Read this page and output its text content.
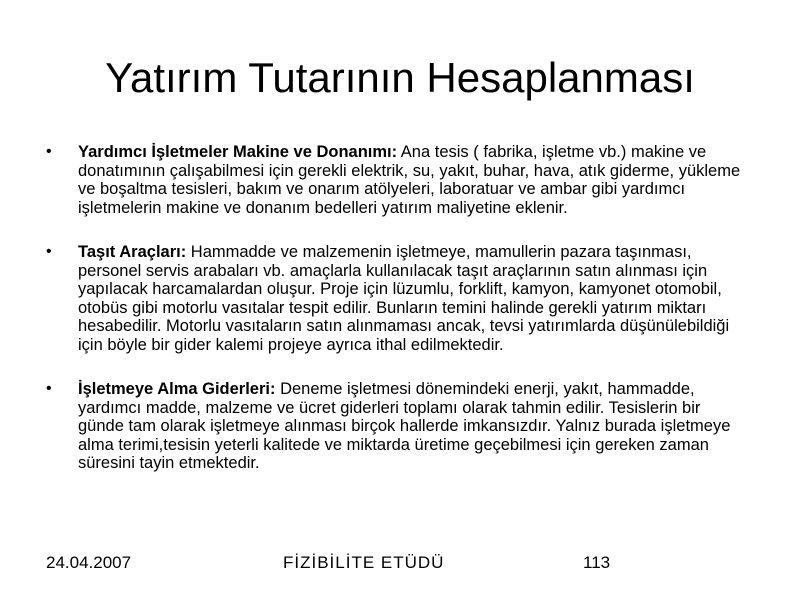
Yatırım Tutarının Hesaplanması
• Yardımcı İşletmeler Makine ve Donanımı: Ana tesis ( fabrika, işletme vb.) makine ve donatımının çalışabilmesi için gerekli elektrik, su, yakıt, buhar, hava, atık giderme, yükleme ve boşaltma tesisleri, bakım ve onarım atölyeleri, laboratuar ve ambar gibi yardımcı işletmelerin makine ve donanım bedelleri yatırım maliyetine eklenir.
• Taşıt Araçları: Hammadde ve malzemenin işletmeye, mamullerin pazara taşınması, personel servis arabaları vb. amaçlarla kullanılacak taşıt araçlarının satın alınması için yapılacak harcamalardan oluşur. Proje için lüzumlu, forklift, kamyon, kamyonet otomobil, otobüs gibi motorlu vasıtalar tespit edilir. Bunların temini halinde gerekli yatırım miktarı hesabedilir. Motorlu vasıtaların satın alınmaması ancak, tevsi yatırımlarda düşünülebildiği için böyle bir gider kalemi projeye ayrıca ithal edilmektedir.
• İşletmeye Alma Giderleri: Deneme işletmesi dönemindeki enerji, yakıt, hammadde, yardımcı madde, malzeme ve ücret giderleri toplamı olarak tahmin edilir. Tesislerin bir günde tam olarak işletmeye alınması birçok hallerde imkansızdır. Yalnız burada işletmeye alma terimi,tesisin yeterli kalitede ve miktarda üretime geçebilmesi için gereken zaman süresini tayin etmektedir.
24.04.2007	FİZİBİLİTE ETÜDÜ	113
